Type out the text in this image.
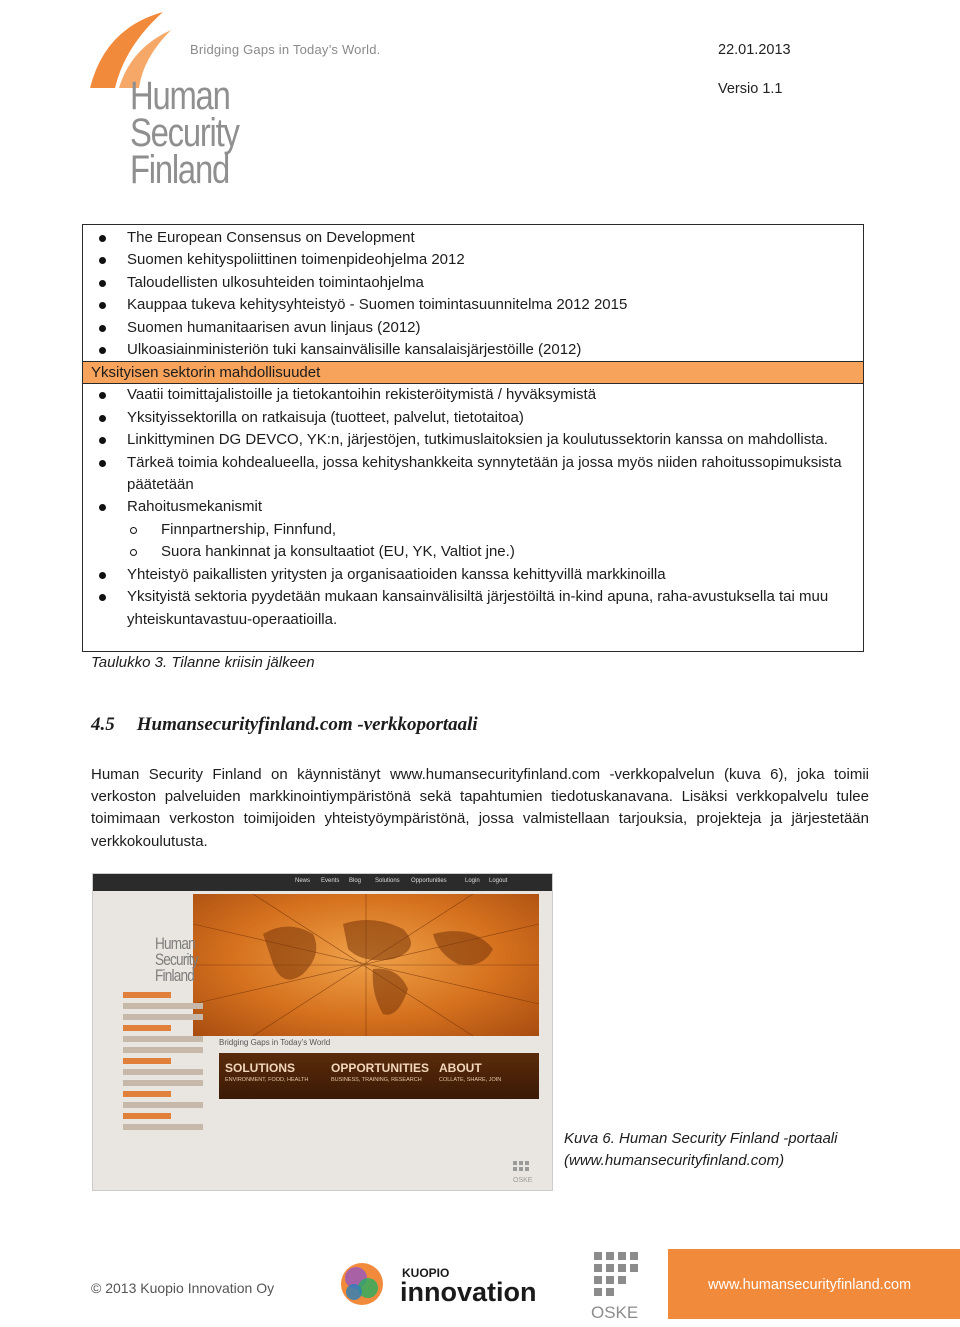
Bridging Gaps in Today’s World.
Human
Security
Finland
22.01.2013
Versio 1.1
The European Consensus on Development
Suomen kehityspoliittinen toimenpideohjelma 2012
Taloudellisten ulkosuhteiden toimintaohjelma
Kauppaa tukeva kehitysyhteistyö - Suomen toimintasuunnitelma 2012 2015
Suomen humanitaarisen avun linjaus (2012)
Ulkoasiainministeriön tuki kansainvälisille kansalaisjärjestöille (2012)
Yksityisen sektorin mahdollisuudet
Vaatii toimittajalistoille ja tietokantoihin rekisteröitymistä / hyväksymistä
Yksityissektorilla on ratkaisuja (tuotteet, palvelut, tietotaitoa)
Linkittyminen DG DEVCO, YK:n, järjestöjen, tutkimuslaitoksien ja koulutussektorin kanssa on mahdollista.
Tärkeä toimia kohdealueella, jossa kehityshankkeita synnytetään ja jossa myös niiden rahoitussopimuksista päätetään
Rahoitusmekanismit
Finnpartnership, Finnfund,
Suora hankinnat ja konsultaatiot (EU, YK, Valtiot jne.)
Yhteistyö paikallisten yritysten ja organisaatioiden kanssa kehittyvillä markkinoilla
Yksityistä sektoria pyydetään mukaan kansainvälisiltä järjestöiltä in-kind apuna, raha-avustuksella tai muu yhteiskuntavastuu-operaatioilla.
Taulukko 3. Tilanne kriisin jälkeen
4.5 Humansecurityfinland.com -verkkoportaali
Human Security Finland on käynnistänyt www.humansecurityfinland.com -verkkopalvelun (kuva 6), joka toimii verkoston palveluiden markkinointiympäristönä sekä tapahtumien tiedotuskanavana. Lisäksi verkkopalvelu tulee toimimaan verkoston toimijoiden yhteistyöympäristönä, jossa valmistellaan tarjouksia, projekteja ja järjestetään verkkokoulutusta.
News Events Blog Solutions Opportunities	Login Logout
Human
Security
Finland
Bridging Gaps in Today’s World
SOLUTIONS
ENVIRONMENT, FOOD, HEALTH
OPPORTUNITIES
BUSINESS, TRAINING, RESEARCH
ABOUT
COLLATE, SHARE, JOIN
OSKE
Kuva 6. Human Security Finland -portaali
(www.humansecurityfinland.com)
© 2013 Kuopio Innovation Oy
KUOPIO
innovation
OSKE
www.humansecurityfinland.com
